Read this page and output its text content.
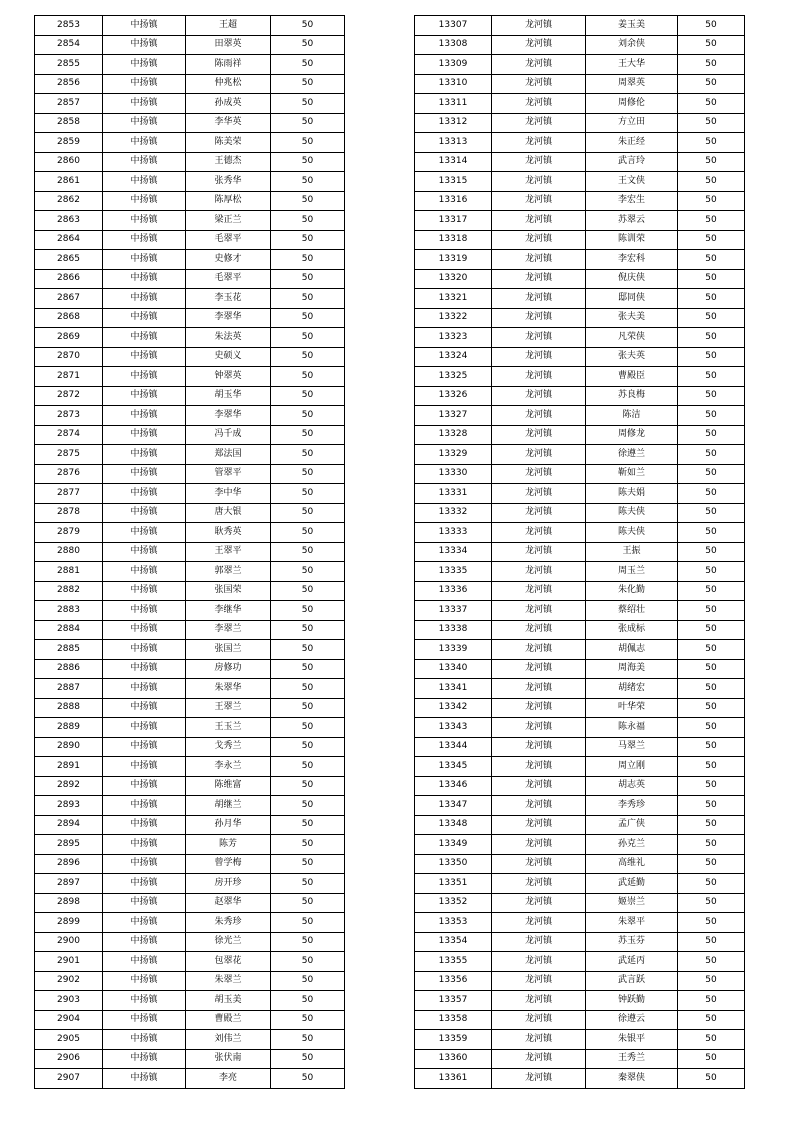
2853	中扬镇	王超	50
2854	中扬镇	田翠英	50
2855	中扬镇	陈雨祥	50
2856	中扬镇	仲兆松	50
2857	中扬镇	孙成英	50
2858	中扬镇	李华英	50
2859	中扬镇	陈美荣	50
2860	中扬镇	王德杰	50
2861	中扬镇	张秀华	50
2862	中扬镇	陈厚松	50
2863	中扬镇	梁正兰	50
2864	中扬镇	毛翠平	50
2865	中扬镇	史修才	50
2866	中扬镇	毛翠平	50
2867	中扬镇	李玉花	50
2868	中扬镇	李翠华	50
2869	中扬镇	朱法英	50
2870	中扬镇	史硕义	50
2871	中扬镇	钟翠英	50
2872	中扬镇	胡玉华	50
2873	中扬镇	李翠华	50
2874	中扬镇	冯千成	50
2875	中扬镇	郑法国	50
2876	中扬镇	管翠平	50
2877	中扬镇	李中华	50
2878	中扬镇	唐大银	50
2879	中扬镇	耿秀英	50
2880	中扬镇	王翠平	50
2881	中扬镇	郭翠兰	50
2882	中扬镇	张国荣	50
2883	中扬镇	李继华	50
2884	中扬镇	李翠兰	50
2885	中扬镇	张国兰	50
2886	中扬镇	房修功	50
2887	中扬镇	朱翠华	50
2888	中扬镇	王翠兰	50
2889	中扬镇	王玉兰	50
2890	中扬镇	戈秀兰	50
2891	中扬镇	李永兰	50
2892	中扬镇	陈维富	50
2893	中扬镇	胡继兰	50
2894	中扬镇	孙月华	50
2895	中扬镇	陈芳	50
2896	中扬镇	曾学梅	50
2897	中扬镇	房开珍	50
2898	中扬镇	赵翠华	50
2899	中扬镇	朱秀珍	50
2900	中扬镇	徐光兰	50
2901	中扬镇	包翠花	50
2902	中扬镇	朱翠兰	50
2903	中扬镇	胡玉美	50
2904	中扬镇	曹殿兰	50
2905	中扬镇	刘伟兰	50
2906	中扬镇	张伏南	50
2907	中扬镇	李亮	50
13307	龙河镇	姜玉美	50
13308	龙河镇	刘余侠	50
13309	龙河镇	王大华	50
13310	龙河镇	周翠英	50
13311	龙河镇	周修伦	50
13312	龙河镇	方立田	50
13313	龙河镇	朱正经	50
13314	龙河镇	武言玲	50
13315	龙河镇	王文侠	50
13316	龙河镇	李宏生	50
13317	龙河镇	苏翠云	50
13318	龙河镇	陈训荣	50
13319	龙河镇	李宏科	50
13320	龙河镇	倪庆侠	50
13321	龙河镇	邸同侠	50
13322	龙河镇	张夫美	50
13323	龙河镇	凡荣侠	50
13324	龙河镇	张夫英	50
13325	龙河镇	曹殿臣	50
13326	龙河镇	苏良梅	50
13327	龙河镇	陈洁	50
13328	龙河镇	周修龙	50
13329	龙河镇	徐遵兰	50
13330	龙河镇	靳如兰	50
13331	龙河镇	陈夫娟	50
13332	龙河镇	陈夫侠	50
13333	龙河镇	陈夫侠	50
13334	龙河镇	王振	50
13335	龙河镇	周玉兰	50
13336	龙河镇	朱化勤	50
13337	龙河镇	蔡绍壮	50
13338	龙河镇	张成标	50
13339	龙河镇	胡佩志	50
13340	龙河镇	周海美	50
13341	龙河镇	胡绪宏	50
13342	龙河镇	叶华荣	50
13343	龙河镇	陈永福	50
13344	龙河镇	马翠兰	50
13345	龙河镇	周立刚	50
13346	龙河镇	胡志英	50
13347	龙河镇	李秀珍	50
13348	龙河镇	孟广侠	50
13349	龙河镇	孙克兰	50
13350	龙河镇	高维礼	50
13351	龙河镇	武延勤	50
13352	龙河镇	姬崇兰	50
13353	龙河镇	朱翠平	50
13354	龙河镇	苏玉芬	50
13355	龙河镇	武延丙	50
13356	龙河镇	武言跃	50
13357	龙河镇	钟跃勤	50
13358	龙河镇	徐遵云	50
13359	龙河镇	朱银平	50
13360	龙河镇	王秀兰	50
13361	龙河镇	秦翠侠	50
